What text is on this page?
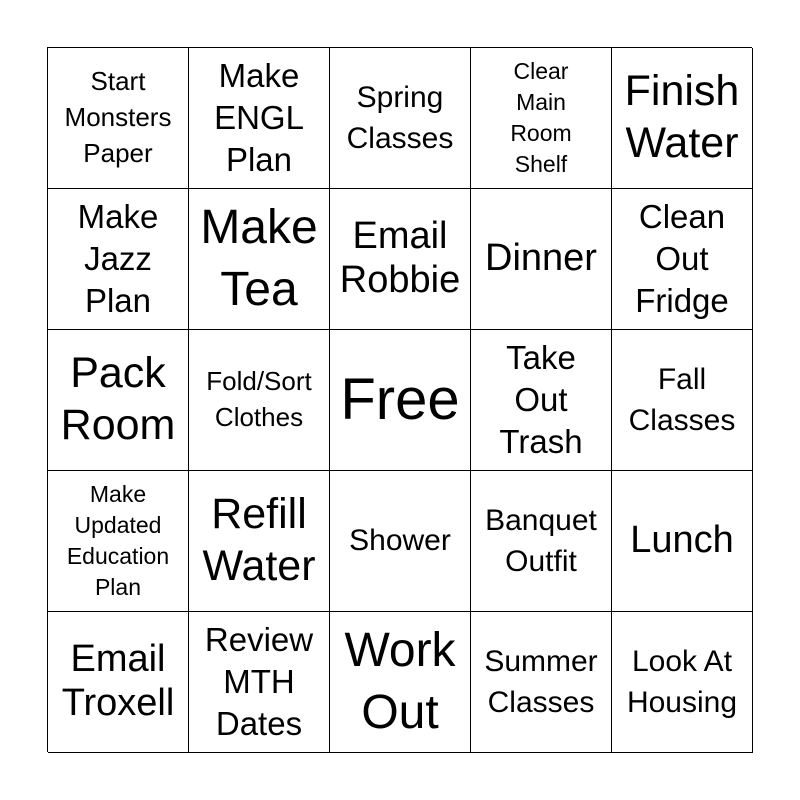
Start
Monsters
Paper
Make
ENGL
Plan
Spring
Classes
Clear
Main
Room
Shelf
Finish
Water
Make
Jazz
Plan
Make
Tea
Email
Robbie
Dinner
Clean
Out
Fridge
Pack
Room
Fold/Sort
Clothes Free
Take
Out
Trash
Fall
Classes
Make
Updated
Education
Plan
Refill
Water
Shower
Banquet
Outfit
Lunch
Email
Troxell
Review
MTH
Dates
Work
Out
Summer
Classes
Look At
Housing
